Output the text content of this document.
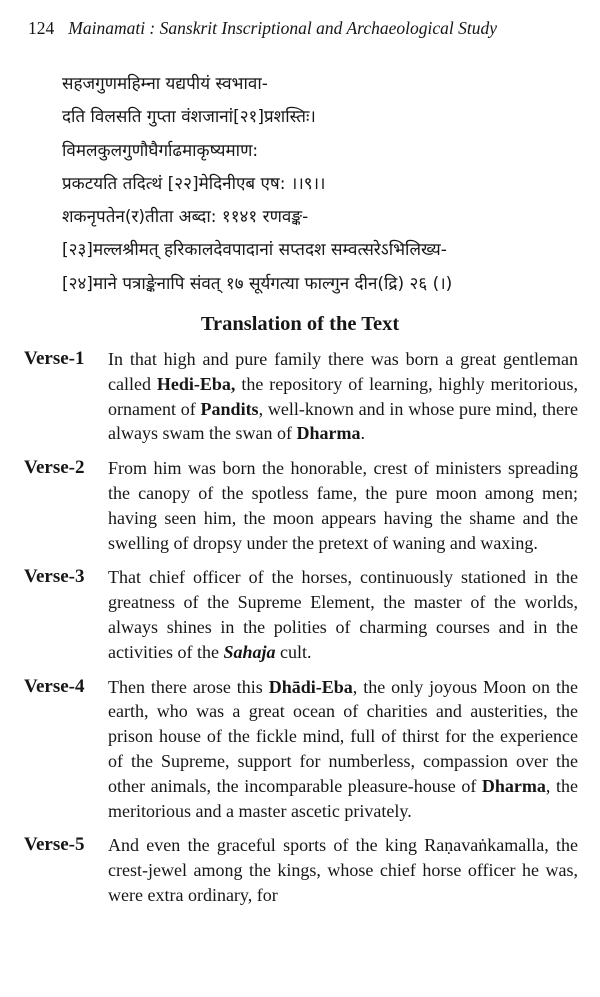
124 Mainamati : Sanskrit Inscriptional and Archaeological Study
सहजगुणमहिम्ना यद्यपीयं स्वभावा-
दति विलसति गुप्ता वंशजानां[२१]प्रशस्तिः।
विमलकुलगुणौघैर्गाढमाकृष्यमाण:
प्रकटयति तदित्थं [२२]मेदिनीएब एष: ।।९।।
शकनृपतेन(र)तीता अब्दा: ११४१ रणवङ्क-
[२३]मल्लश्रीमत् हरिकालदेवपादानां सप्तदश सम्वत्सरेऽभिलिख्य-
[२४]माने पत्राङ्केनापि संवत् १७ सूर्यगत्या फाल्गुन दीन(द्रि) २६ (।)
Translation of the Text
Verse-1	In that high and pure family there was born a great gentleman called Hedi-Eba, the repository of learning, highly meritorious, ornament of Pandits, well-known and in whose pure mind, there always swam the swan of Dharma.
Verse-2	From him was born the honorable, crest of ministers spreading the canopy of the spotless fame, the pure moon among men; having seen him, the moon appears having the shame and the swelling of dropsy under the pretext of waning and waxing.
Verse-3	That chief officer of the horses, continuously stationed in the greatness of the Supreme Element, the master of the worlds, always shines in the polities of charming courses and in the activities of the Sahaja cult.
Verse-4	Then there arose this Dhādi-Eba, the only joyous Moon on the earth, who was a great ocean of charities and austerities, the prison house of the fickle mind, full of thirst for the experience of the Supreme, support for numberless, compassion over the other animals, the incomparable pleasure-house of Dharma, the meritorious and a master ascetic privately.
Verse-5	And even the graceful sports of the king Raṇavaṅkamalla, the crest-jewel among the kings, whose chief horse officer he was, were extra ordinary, for
